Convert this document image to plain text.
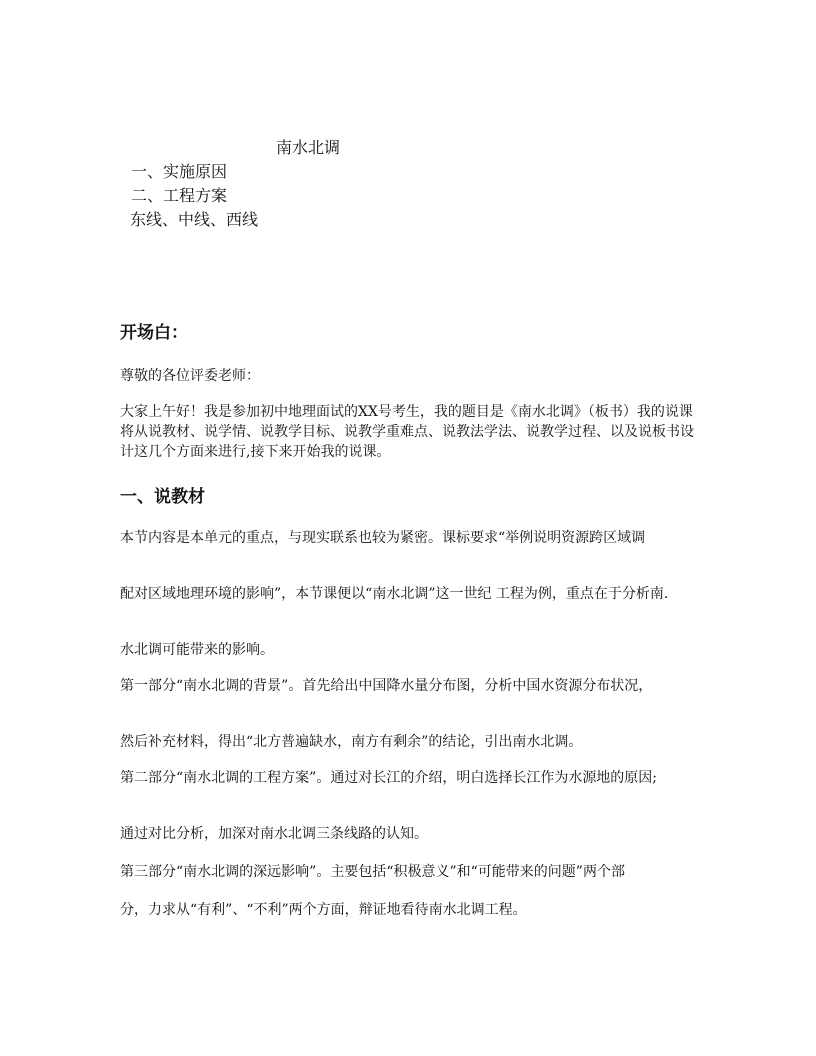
南水北调
一、实施原因
二、工程方案
东线、中线、西线
开场白：

尊敬的各位评委老师：

大家上午好！我是参加初中地理面试的XX号考生，我的题目是《南水北调》（板书）我的说课将从说教材、说学情、说教学目标、说教学重难点、说教法学法、说教学过程、以及说板书设计这几个方面来进行,接下来开始我的说课。

一、说教材

本节内容是本单元的重点，与现实联系也较为紧密。课标要求“举例说明资源跨区域调

配对区域地理环境的影响”，本节课便以“南水北调”这一世纪 工程为例，重点在于分析南.

水北调可能带来的影响。

第一部分“南水北调的背景”。首先给出中国降水量分布图，分析中国水资源分布状况，

然后补充材料，得出“北方普遍缺水，南方有剩余”的结论，引出南水北调。

第二部分“南水北调的工程方案”。通过对长江的介绍，明白选择长江作为水源地的原因;

通过对比分析，加深对南水北调三条线路的认知。

第三部分“南水北调的深远影响”。主要包括“积极意义”和“可能带来的问题”两个部

分，力求从“有利”、“不利”两个方面，辩证地看待南水北调工程。
